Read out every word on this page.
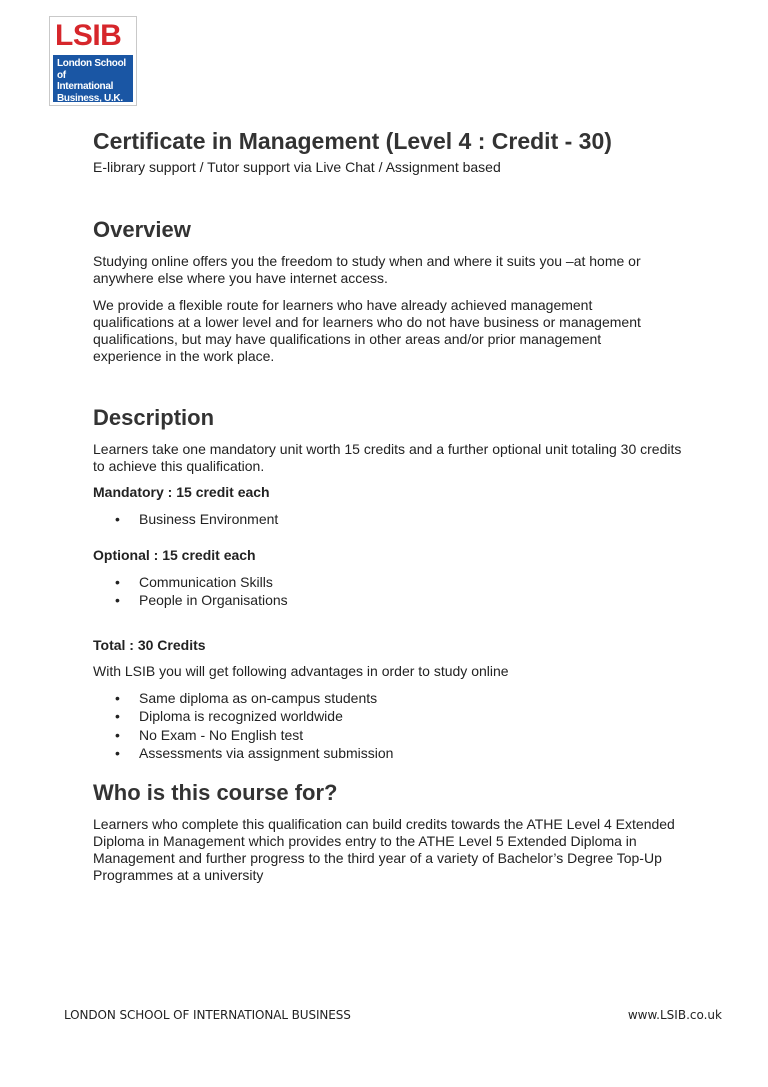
LSIB
London School of
International
Business, U.K.
Certificate in Management (Level 4 : Credit - 30)

E-library support / Tutor support via Live Chat / Assignment based

Overview

Studying online offers you the freedom to study when and where it suits you –at home or anywhere else where you have internet access.

We provide a flexible route for learners who have already achieved management qualifications at a lower level and for learners who do not have business or management qualifications, but may have qualifications in other areas and/or prior management experience in the work place.

Description

Learners take one mandatory unit worth 15 credits and a further optional unit totaling 30 credits to achieve this qualification.

Mandatory : 15 credit each

• Business Environment

Optional : 15 credit each

• Communication Skills
• People in Organisations

Total : 30 Credits

With LSIB you will get following advantages in order to study online

• Same diploma as on-campus students
• Diploma is recognized worldwide
• No Exam - No English test
• Assessments via assignment submission
Who is this course for?

Learners who complete this qualification can build credits towards the ATHE Level 4 Extended Diploma in Management which provides entry to the ATHE Level 5 Extended Diploma in Management and further progress to the third year of a variety of Bachelor’s Degree Top-Up Programmes at a university

LONDON SCHOOL OF INTERNATIONAL BUSINESS	www.LSIB.co.uk
